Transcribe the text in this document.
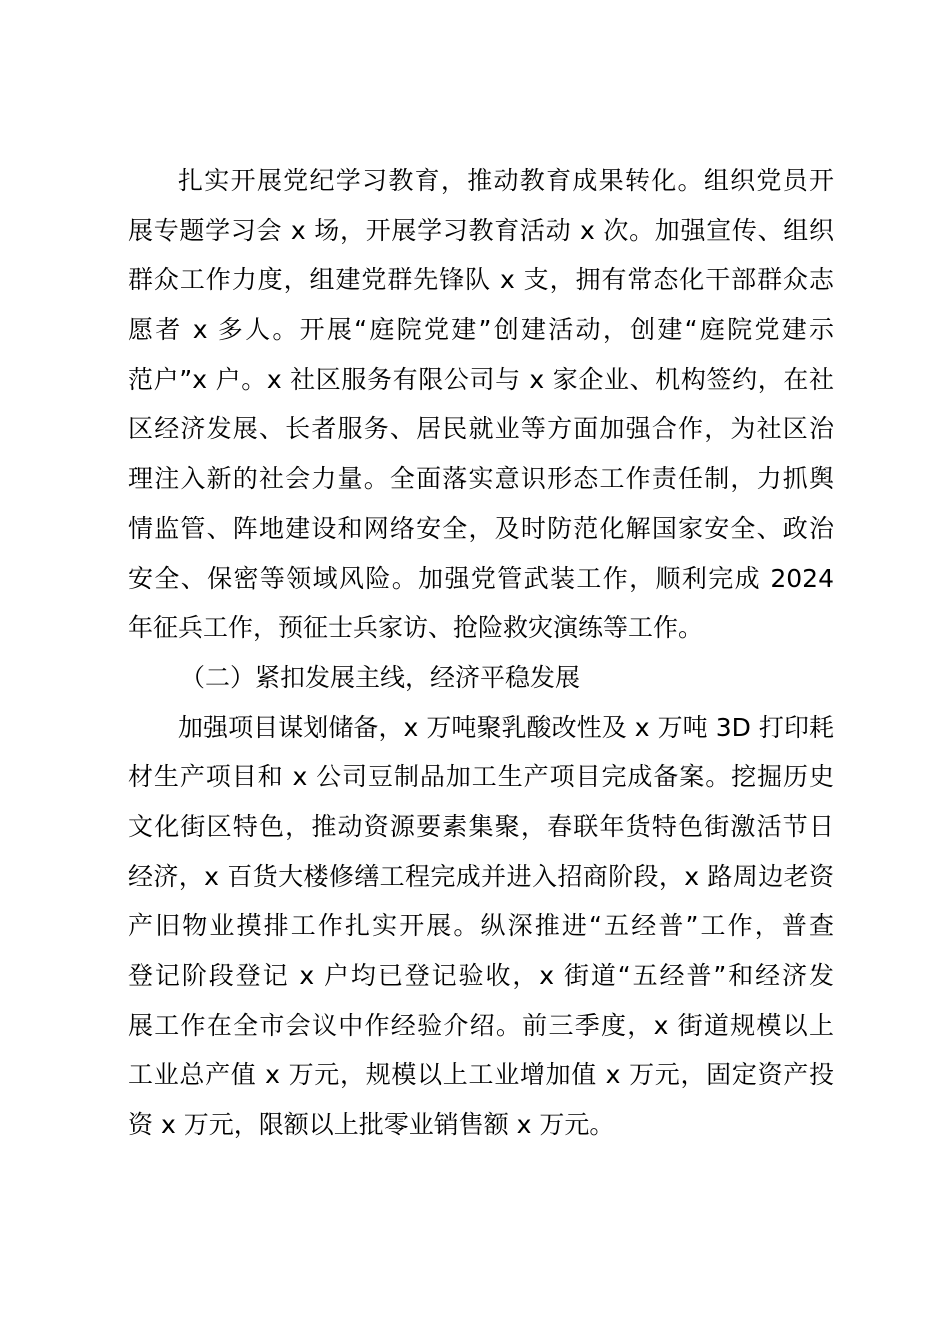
扎实开展党纪学习教育，推动教育成果转化。组织党员开
展专题学习会 x 场，开展学习教育活动 x 次。加强宣传、组织
群众工作力度，组建党群先锋队 x 支，拥有常态化干部群众志
愿者 x 多人。开展“庭院党建”创建活动，创建“庭院党建示
范户”x 户。x 社区服务有限公司与 x 家企业、机构签约，在社
区经济发展、长者服务、居民就业等方面加强合作，为社区治
理注入新的社会力量。全面落实意识形态工作责任制，力抓舆
情监管、阵地建设和网络安全，及时防范化解国家安全、政治
安全、保密等领域风险。加强党管武装工作，顺利完成 2024
年征兵工作，预征士兵家访、抢险救灾演练等工作。
（二）紧扣发展主线，经济平稳发展
加强项目谋划储备，x 万吨聚乳酸改性及 x 万吨 3D 打印耗
材生产项目和 x 公司豆制品加工生产项目完成备案。挖掘历史
文化街区特色，推动资源要素集聚，春联年货特色街激活节日
经济，x 百货大楼修缮工程完成并进入招商阶段，x 路周边老资
产旧物业摸排工作扎实开展。纵深推进“五经普”工作，普查
登记阶段登记 x 户均已登记验收，x 街道“五经普”和经济发
展工作在全市会议中作经验介绍。前三季度，x 街道规模以上
工业总产值 x 万元，规模以上工业增加值 x 万元，固定资产投
资 x 万元，限额以上批零业销售额 x 万元。
